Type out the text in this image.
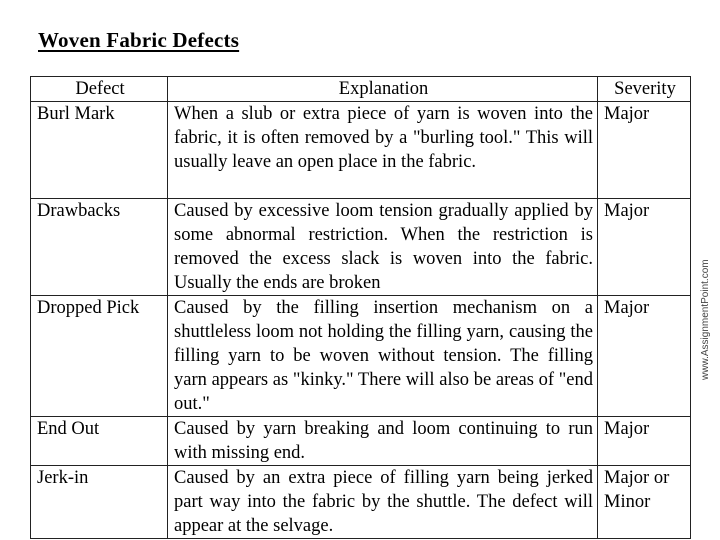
Woven Fabric Defects
www.AssignmentPoint.com
Defect	Explanation	Severity
Burl Mark	When a slub or extra piece of yarn is woven into the fabric, it is often removed by a "burling tool." This will usually leave an open place in the fabric.	Major
Drawbacks	Caused by excessive loom tension gradually applied by some abnormal restriction. When the restriction is removed the excess slack is woven into the fabric. Usually the ends are broken	Major
Dropped Pick	Caused by the filling insertion mechanism on a shuttleless loom not holding the filling yarn, causing the filling yarn to be woven without tension. The filling yarn appears as "kinky." There will also be areas of "end out."	Major
End Out	Caused by yarn breaking and loom continuing to run with missing end.	Major
Jerk-in	Caused by an extra piece of filling yarn being jerked part way into the fabric by the shuttle. The defect will appear at the selvage.	Major or Minor
